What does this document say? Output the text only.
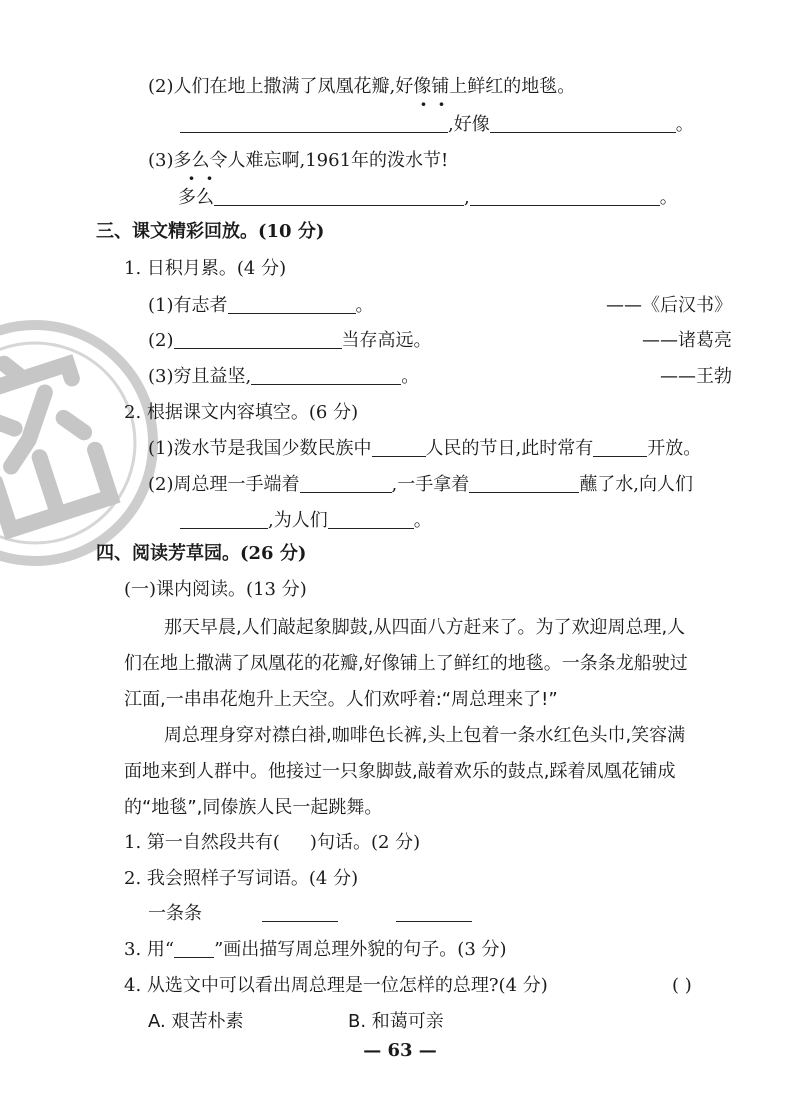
(2)人们在地上撒满了凤凰花瓣,好像铺上鲜红的地毯。
· ·
,好像	。
(3)多么令人难忘啊,1961年的泼水节!
· ·
多么	,	。
三、课文精彩回放。(10 分)
1. 日积月累。(4 分)
(1)有志者	。	——《后汉书》
(2)	当存高远。	——诸葛亮
(3)穷且益坚,	。	——王勃
2. 根据课文内容填空。(6 分)
(1)泼水节是我国少数民族中	人民的节日,此时常有	开放。
(2)周总理一手端着	,一手拿着	蘸了水,向人们
,为人们	。
四、阅读芳草园。(26 分)
(一)课内阅读。(13 分)
那天早晨,人们敲起象脚鼓,从四面八方赶来了。为了欢迎周总理,人
们在地上撒满了凤凰花的花瓣,好像铺上了鲜红的地毯。一条条龙船驶过
江面,一串串花炮升上天空。人们欢呼着:“周总理来了!”
周总理身穿对襟白褂,咖啡色长裤,头上包着一条水红色头巾,笑容满
面地来到人群中。他接过一只象脚鼓,敲着欢乐的鼓点,踩着凤凰花铺成
的“地毯”,同傣族人民一起跳舞。
1. 第一自然段共有( )句话。(2 分)
2. 我会照样子写词语。(4 分)
一条条
3. 用“ ”画出描写周总理外貌的句子。(3 分)
4. 从选文中可以看出周总理是一位怎样的总理?(4 分)	( )
A. 艰苦朴素	B. 和蔼可亲
— 63 —
